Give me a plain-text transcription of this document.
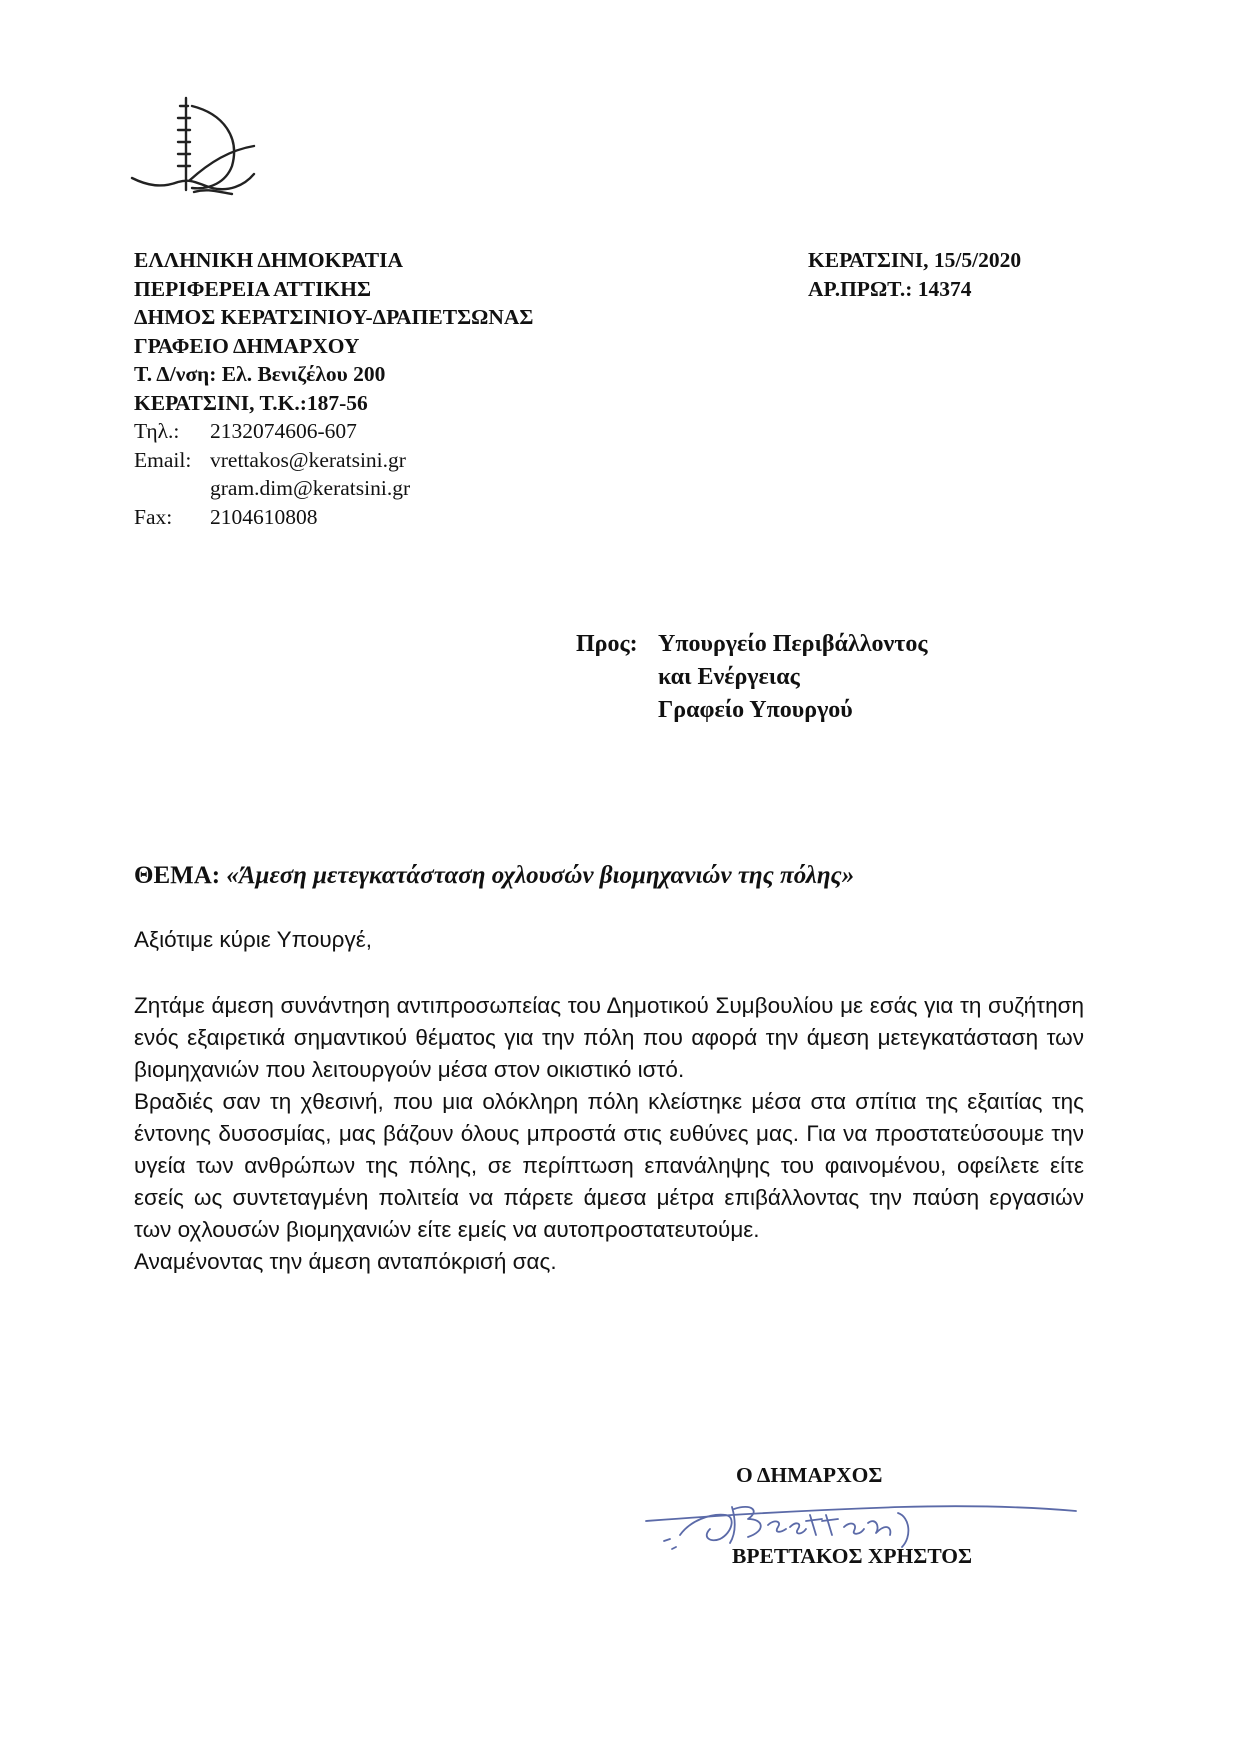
ΕΛΛΗΝΙΚΗ ΔΗΜΟΚΡΑΤΙΑ
ΠΕΡΙΦΕΡΕΙΑ ΑΤΤΙΚΗΣ
ΔΗΜΟΣ ΚΕΡΑΤΣΙΝΙΟΥ-ΔΡΑΠΕΤΣΩΝΑΣ
ΓΡΑΦΕΙΟ ΔΗΜΑΡΧΟΥ
Τ. Δ/νση: Ελ. Βενιζέλου 200
ΚΕΡΑΤΣΙΝΙ, Τ.Κ.:187-56
Τηλ.:	2132074606-607
Email: vrettakos@keratsini.gr
gram.dim@keratsini.gr
Fax:	2104610808
ΚΕΡΑΤΣΙΝΙ, 15/5/2020
ΑΡ.ΠΡΩΤ.: 14374
Προς: Υπουργείο Περιβάλλοντος
και Ενέργειας
Γραφείο Υπουργού
ΘΕΜΑ: «Άμεση μετεγκατάσταση οχλουσών βιομηχανιών της πόλης»
Αξιότιμε κύριε Υπουργέ,

Ζητάμε άμεση συνάντηση αντιπροσωπείας του Δημοτικού Συμβουλίου με εσάς για τη συζήτηση ενός εξαιρετικά σημαντικού θέματος για την πόλη που αφορά την άμεση μετεγκατάσταση των βιομηχανιών που λειτουργούν μέσα στον οικιστικό ιστό.

Βραδιές σαν τη χθεσινή, που μια ολόκληρη πόλη κλείστηκε μέσα στα σπίτια της εξαιτίας της έντονης δυσοσμίας, μας βάζουν όλους μπροστά στις ευθύνες μας. Για να προστατεύσουμε την υγεία των ανθρώπων της πόλης, σε περίπτωση επανάληψης του φαινομένου, οφείλετε είτε εσείς ως συντεταγμένη πολιτεία να πάρετε άμεσα μέτρα επιβάλλοντας την παύση εργασιών των οχλουσών βιομηχανιών είτε εμείς να αυτοπροστατευτούμε.

Αναμένοντας την άμεση ανταπόκρισή σας.

Ο ΔΗΜΑΡΧΟΣ
ΒΡΕΤΤΑΚΟΣ ΧΡΗΣΤΟΣ
